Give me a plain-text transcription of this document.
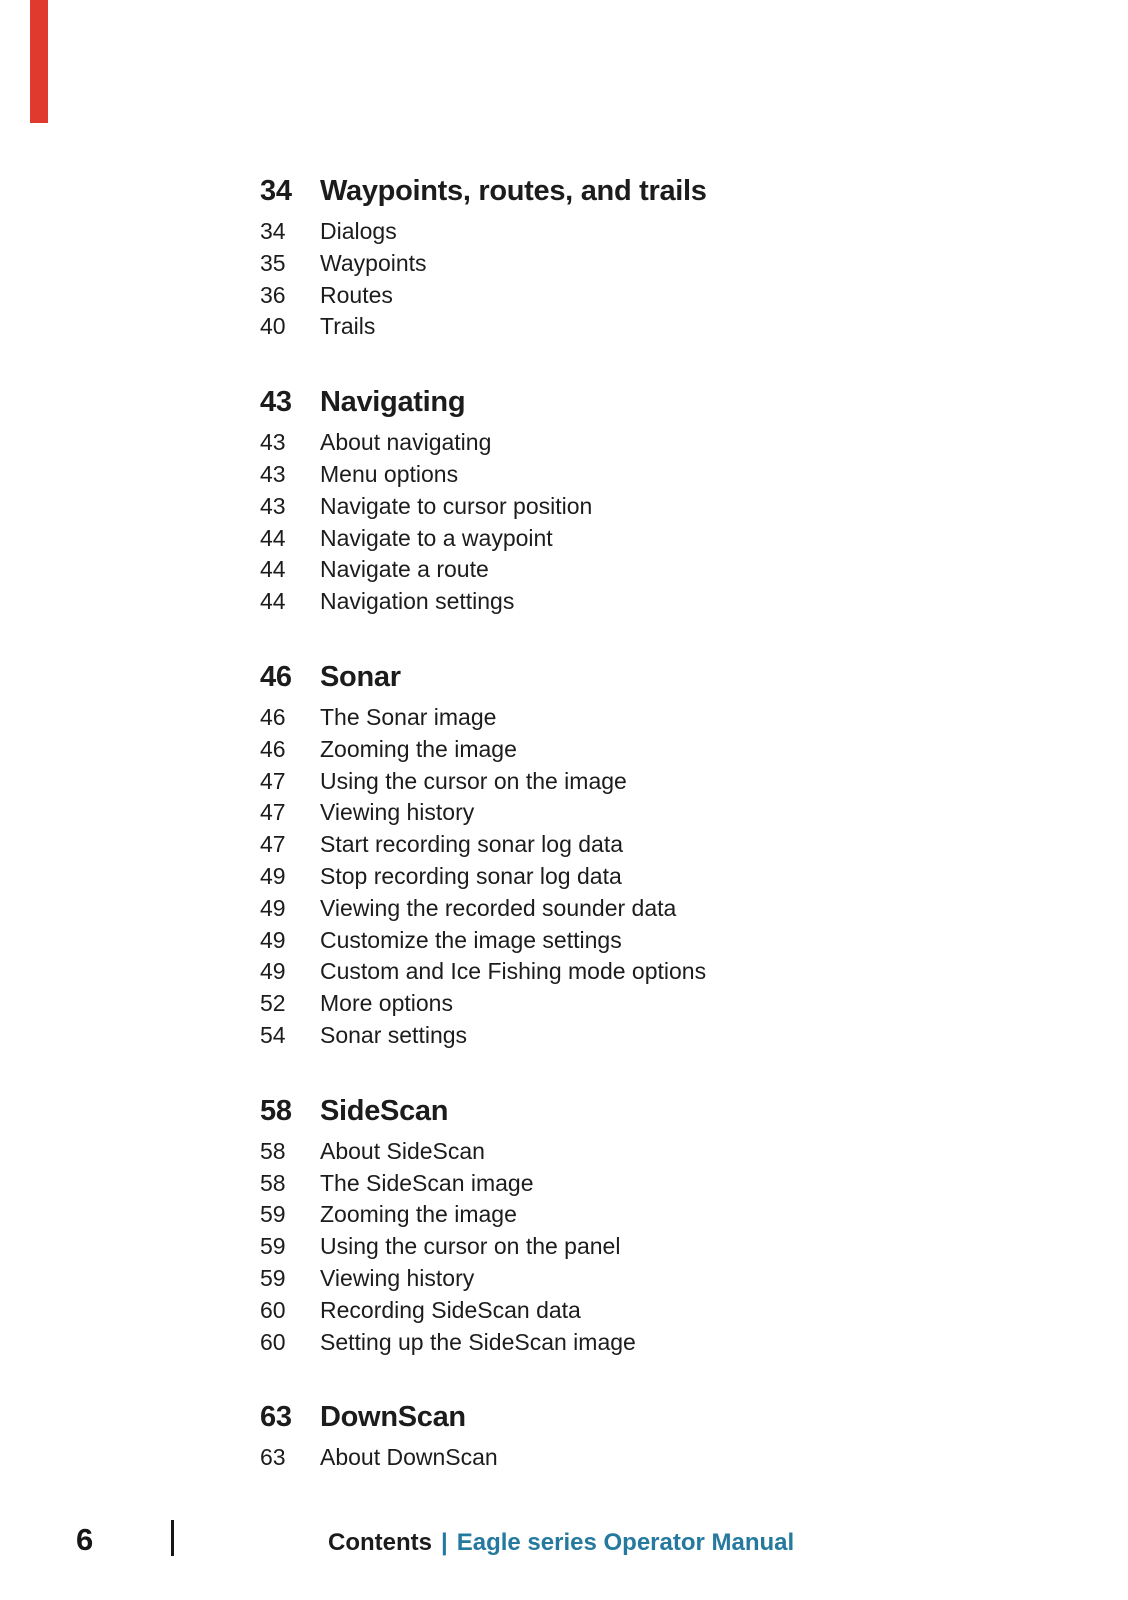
34 Waypoints, routes, and trails
34	Dialogs
35	Waypoints
36	Routes
40	Trails
43 Navigating
43	About navigating
43	Menu options
43	Navigate to cursor position
44	Navigate to a waypoint
44	Navigate a route
44	Navigation settings
46 Sonar
46	The Sonar image
46	Zooming the image
47	Using the cursor on the image
47	Viewing history
47	Start recording sonar log data
49	Stop recording sonar log data
49	Viewing the recorded sounder data
49	Customize the image settings
49	Custom and Ice Fishing mode options
52	More options
54	Sonar settings
58 SideScan
58	About SideScan
58	The SideScan image
59	Zooming the image
59	Using the cursor on the panel
59	Viewing history
60	Recording SideScan data
60	Setting up the SideScan image
63 DownScan
63	About DownScan
6	Contents | Eagle series Operator Manual
